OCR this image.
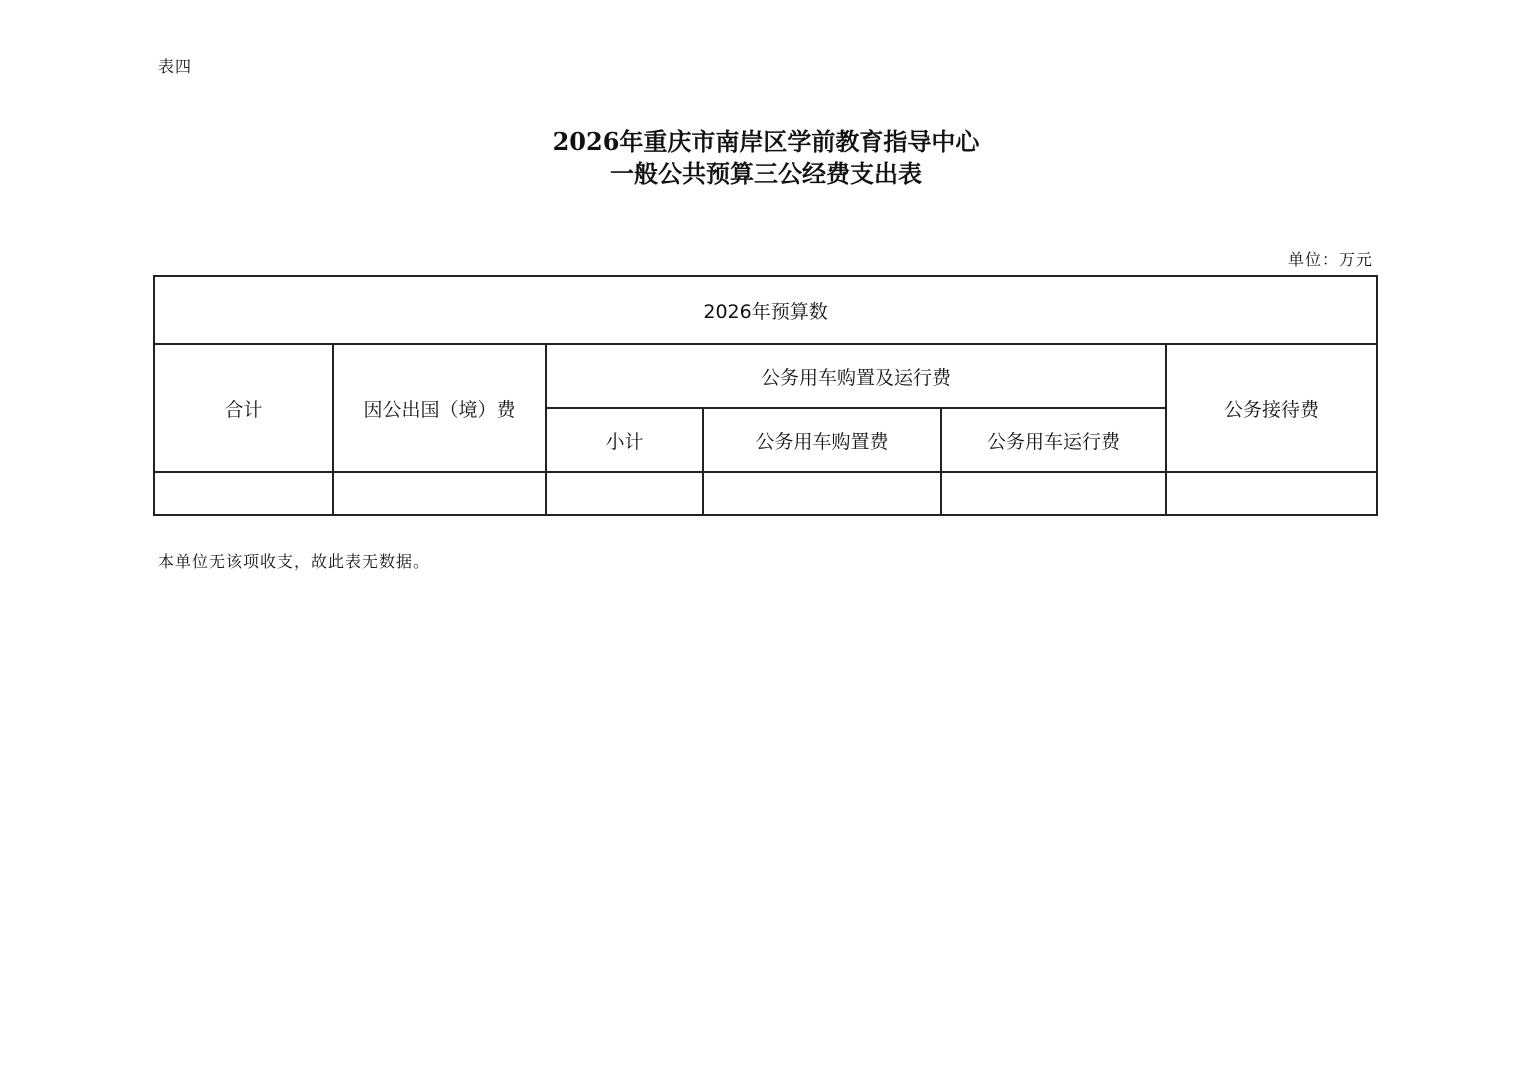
表四
2026年重庆市南岸区学前教育指导中心
一般公共预算三公经费支出表
单位：万元
2026年预算数					
合计	因公出国（境）费	公务用车购置及运行费			公务接待费
		小计	公务用车购置费	公务用车运行费	

本单位无该项收支，故此表无数据。
